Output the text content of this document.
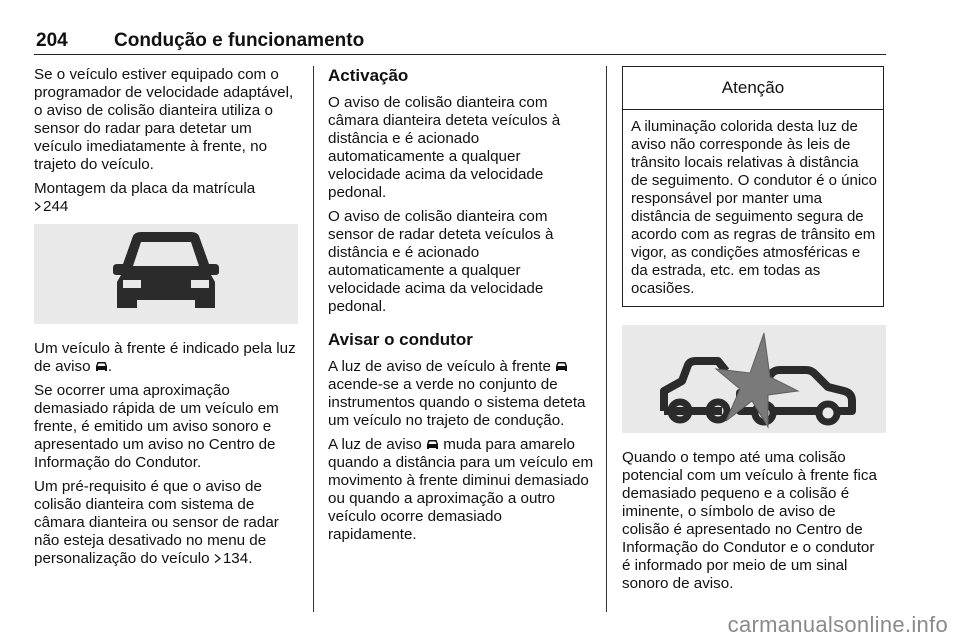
204 Condução e funcionamento

Se o veículo estiver equipado com o programador de velocidade adaptável, o aviso de colisão dianteira utiliza o sensor do radar para detetar um veículo imediatamente à frente, no trajeto do veículo.

Montagem da placa da matrícula
244

Um veículo à frente é indicado pela luz de aviso .

Se ocorrer uma aproximação demasiado rápida de um veículo em frente, é emitido um aviso sonoro e apresentado um aviso no Centro de Informação do Condutor.

Um pré-requisito é que o aviso de colisão dianteira com sistema de câmara dianteira ou sensor de radar não esteja desativado no menu de personalização do veículo 134.

Activação

O aviso de colisão dianteira com câmara dianteira deteta veículos à distância e é acionado automaticamente a qualquer velocidade acima da velocidade pedonal.

O aviso de colisão dianteira com sensor de radar deteta veículos à distância e é acionado automaticamente a qualquer velocidade acima da velocidade pedonal.

Avisar o condutor

A luz de aviso de veículo à frente  acende-se a verde no conjunto de instrumentos quando o sistema deteta um veículo no trajeto de condução.

A luz de aviso muda para amarelo quando a distância para um veículo em movimento à frente diminui demasiado ou quando a aproximação a outro veículo ocorre demasiado rapidamente.

Atenção
A iluminação colorida desta luz de aviso não corresponde às leis de trânsito locais relativas à distância de seguimento. O condutor é o único responsável por manter uma distância de seguimento segura de acordo com as regras de trânsito em vigor, as condições atmosféricas e da estrada, etc. em todas as ocasiões.

Quando o tempo até uma colisão potencial com um veículo à frente fica demasiado pequeno e a colisão é iminente, o símbolo de aviso de colisão é apresentado no Centro de Informação do Condutor e o condutor é informado por meio de um sinal sonoro de aviso.

carmanualsonline.info
